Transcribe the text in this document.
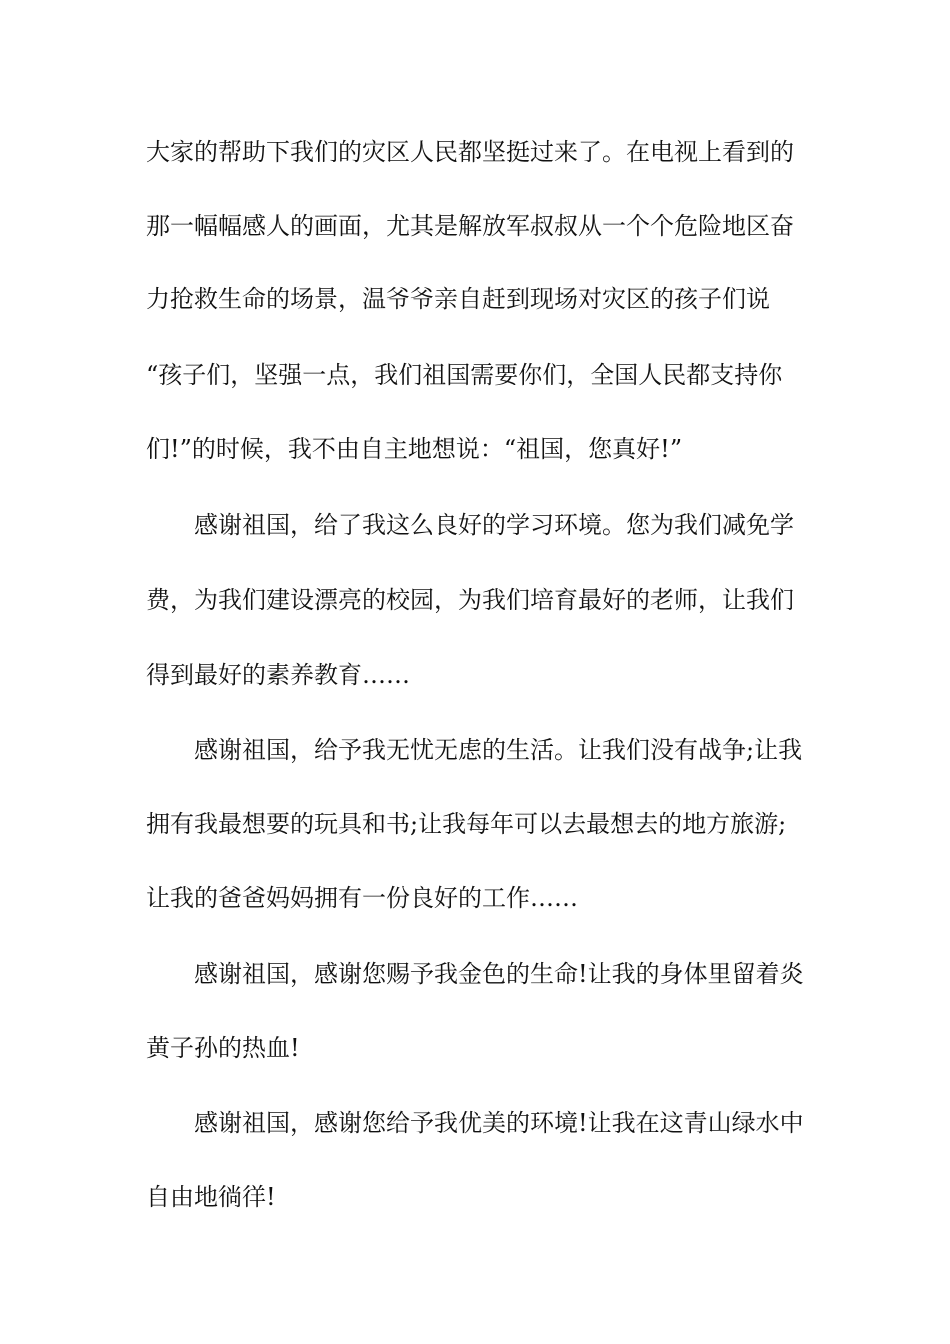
大家的帮助下我们的灾区人民都坚挺过来了。在电视上看到的
那一幅幅感人的画面，尤其是解放军叔叔从一个个危险地区奋
力抢救生命的场景，温爷爷亲自赶到现场对灾区的孩子们说
“孩子们，坚强一点，我们祖国需要你们，全国人民都支持你
们!”的时候，我不由自主地想说：“祖国，您真好!”
感谢祖国，给了我这么良好的学习环境。您为我们减免学
费，为我们建设漂亮的校园，为我们培育最好的老师，让我们
得到最好的素养教育……
感谢祖国，给予我无忧无虑的生活。让我们没有战争;让我
拥有我最想要的玩具和书;让我每年可以去最想去的地方旅游;
让我的爸爸妈妈拥有一份良好的工作……
感谢祖国，感谢您赐予我金色的生命!让我的身体里留着炎
黄子孙的热血!
感谢祖国，感谢您给予我优美的环境!让我在这青山绿水中
自由地徜徉!
